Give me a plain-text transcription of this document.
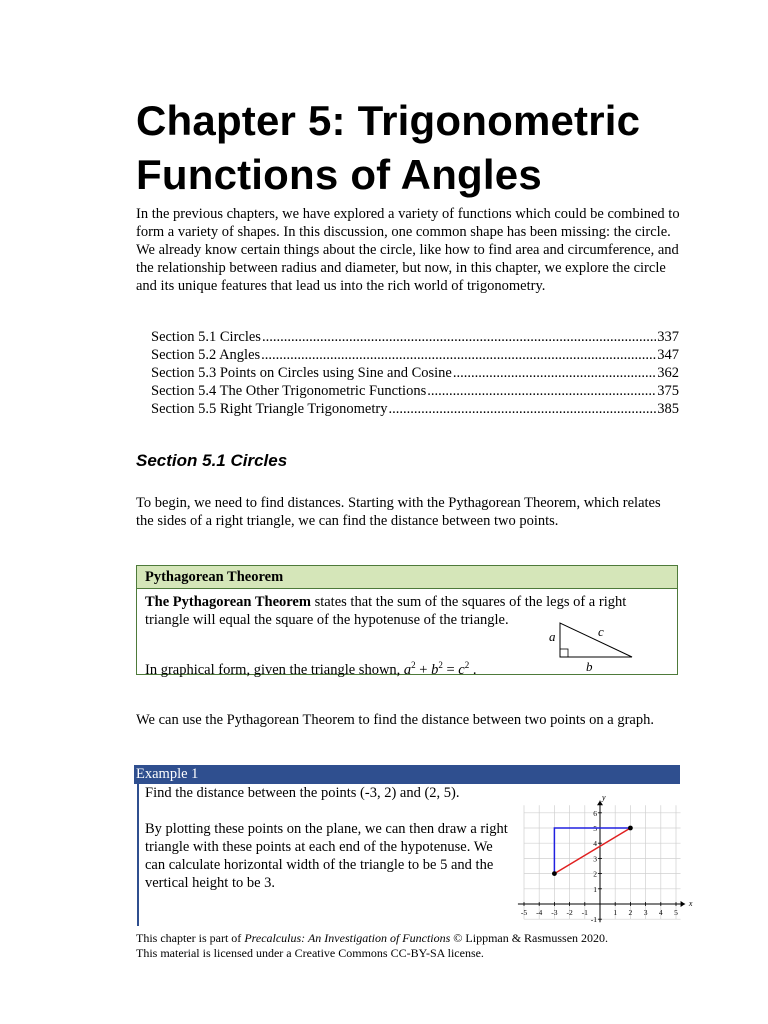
Chapter 5: Trigonometric
Functions of Angles
In the previous chapters, we have explored a variety of functions which could be combined to form a variety of shapes. In this discussion, one common shape has been missing: the circle. We already know certain things about the circle, like how to find area and circumference, and the relationship between radius and diameter, but now, in this chapter, we explore the circle and its unique features that lead us into the rich world of trigonometry.
Section 5.1 Circles .....	337
Section 5.2 Angles .....	347
Section 5.3 Points on Circles using Sine and Cosine .....	362
Section 5.4 The Other Trigonometric Functions .....	375
Section 5.5 Right Triangle Trigonometry .....	385
Section 5.1 Circles
To begin, we need to find distances. Starting with the Pythagorean Theorem, which relates the sides of a right triangle, we can find the distance between two points.
Pythagorean Theorem
The Pythagorean Theorem states that the sum of the squares of the legs of a right triangle will equal the square of the hypotenuse of the triangle.
In graphical form, given the triangle shown, $a^2 + b^2 = c^2$ .
a	c
b
We can use the Pythagorean Theorem to find the distance between two points on a graph.
Example 1
Find the distance between the points (-3, 2) and (2, 5).
By plotting these points on the plane, we can then draw a right triangle with these points at each end of the hypotenuse. We can calculate horizontal width of the triangle to be 5 and the vertical height to be 3.
x
y
-5 -4 -3 -2 -1	1 2 3 4 5
6
5
4
3
2
1
-1
This chapter is part of Precalculus: An Investigation of Functions © Lippman & Rasmussen 2020.
This material is licensed under a Creative Commons CC-BY-SA license.
